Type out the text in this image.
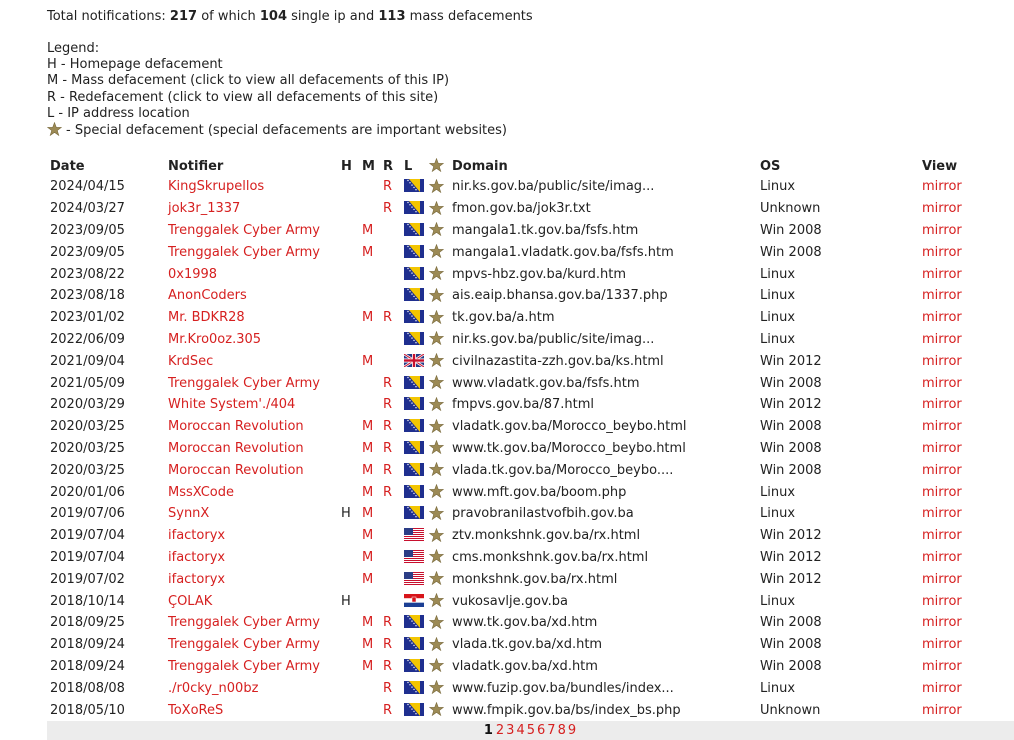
Total notifications: 217 of which 104 single ip and 113 mass defacements
Legend:
H - Homepage defacement
M - Mass defacement (click to view all defacements of this IP)
R - Redefacement (click to view all defacements of this site)
L - IP address location
- Special defacement (special defacements are important websites)
Date	Notifier	H	M	R	L		Domain	OS	View
2024/04/15	KingSkrupellos			R			nir.ks.gov.ba/public/site/imag...	Linux	mirror
2024/03/27	jok3r_1337			R			fmon.gov.ba/jok3r.txt	Unknown	mirror
2023/09/05	Trenggalek Cyber Army		M				mangala1.tk.gov.ba/fsfs.htm	Win 2008	mirror
2023/09/05	Trenggalek Cyber Army		M				mangala1.vladatk.gov.ba/fsfs.htm	Win 2008	mirror
2023/08/22	0x1998						mpvs-hbz.gov.ba/kurd.htm	Linux	mirror
2023/08/18	AnonCoders						ais.eaip.bhansa.gov.ba/1337.php	Linux	mirror
2023/01/02	Mr. BDKR28		M	R			tk.gov.ba/a.htm	Linux	mirror
2022/06/09	Mr.Kro0oz.305						nir.ks.gov.ba/public/site/imag...	Linux	mirror
2021/09/04	KrdSec		M				civilnazastita-zzh.gov.ba/ks.html	Win 2012	mirror
2021/05/09	Trenggalek Cyber Army			R			www.vladatk.gov.ba/fsfs.htm	Win 2008	mirror
2020/03/29	White System'./404			R			fmpvs.gov.ba/87.html	Win 2012	mirror
2020/03/25	Moroccan Revolution		M	R			vladatk.gov.ba/Morocco_beybo.html	Win 2008	mirror
2020/03/25	Moroccan Revolution		M	R			www.tk.gov.ba/Morocco_beybo.html	Win 2008	mirror
2020/03/25	Moroccan Revolution		M	R			vlada.tk.gov.ba/Morocco_beybo....	Win 2008	mirror
2020/01/06	MssXCode		M	R			www.mft.gov.ba/boom.php	Linux	mirror
2019/07/06	SynnX	H	M				pravobranilastvofbih.gov.ba	Linux	mirror
2019/07/04	ifactoryx		M				ztv.monkshnk.gov.ba/rx.html	Win 2012	mirror
2019/07/04	ifactoryx		M				cms.monkshnk.gov.ba/rx.html	Win 2012	mirror
2019/07/02	ifactoryx		M				monkshnk.gov.ba/rx.html	Win 2012	mirror
2018/10/14	ÇOLAK	H					vukosavlje.gov.ba	Linux	mirror
2018/09/25	Trenggalek Cyber Army		M	R			www.tk.gov.ba/xd.htm	Win 2008	mirror
2018/09/24	Trenggalek Cyber Army		M	R			vlada.tk.gov.ba/xd.htm	Win 2008	mirror
2018/09/24	Trenggalek Cyber Army		M	R			vladatk.gov.ba/xd.htm	Win 2008	mirror
2018/08/08	./r0cky_n00bz			R			www.fuzip.gov.ba/bundles/index...	Linux	mirror
2018/05/10	ToXoReS			R			www.fmpik.gov.ba/bs/index_bs.php	Unknown	mirror
1 2 3 4 5 6 7 8 9
